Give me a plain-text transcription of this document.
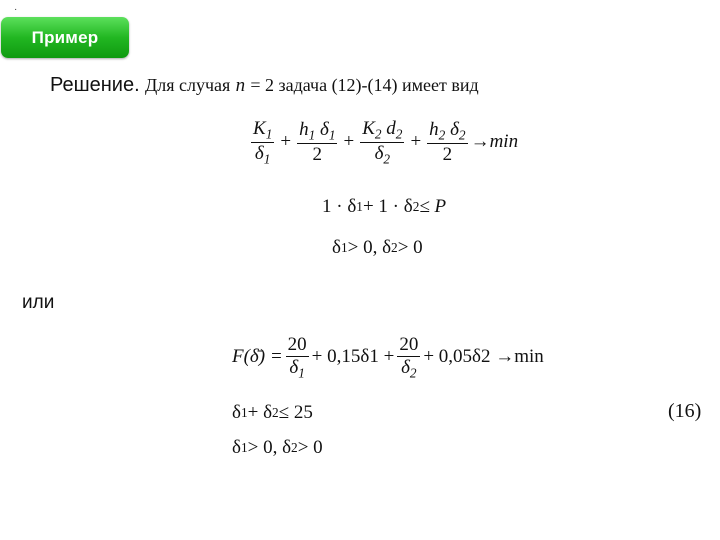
·
Пример
Решение. Для случая n = 2 задача (12)-(14) имеет вид
$\frac{K_1}{\delta_1} + \frac{h_1 \delta_1}{2} + \frac{K_2 d_2}{\delta_2} + \frac{h_2 \delta_2}{2} \to\min$
1 · δ 1 + 1 · δ 2 ≤ P
δ 1 > 0, δ 2 > 0
или
F(δ̄) = $\frac{20}{\delta_1} + 0,15\delta 1 + \frac{20}{\delta_2} + 0,05\delta 2 \to\min$
δ 1 + δ 2 ≤ 25
δ 1 > 0, δ 2 > 0
(16)
